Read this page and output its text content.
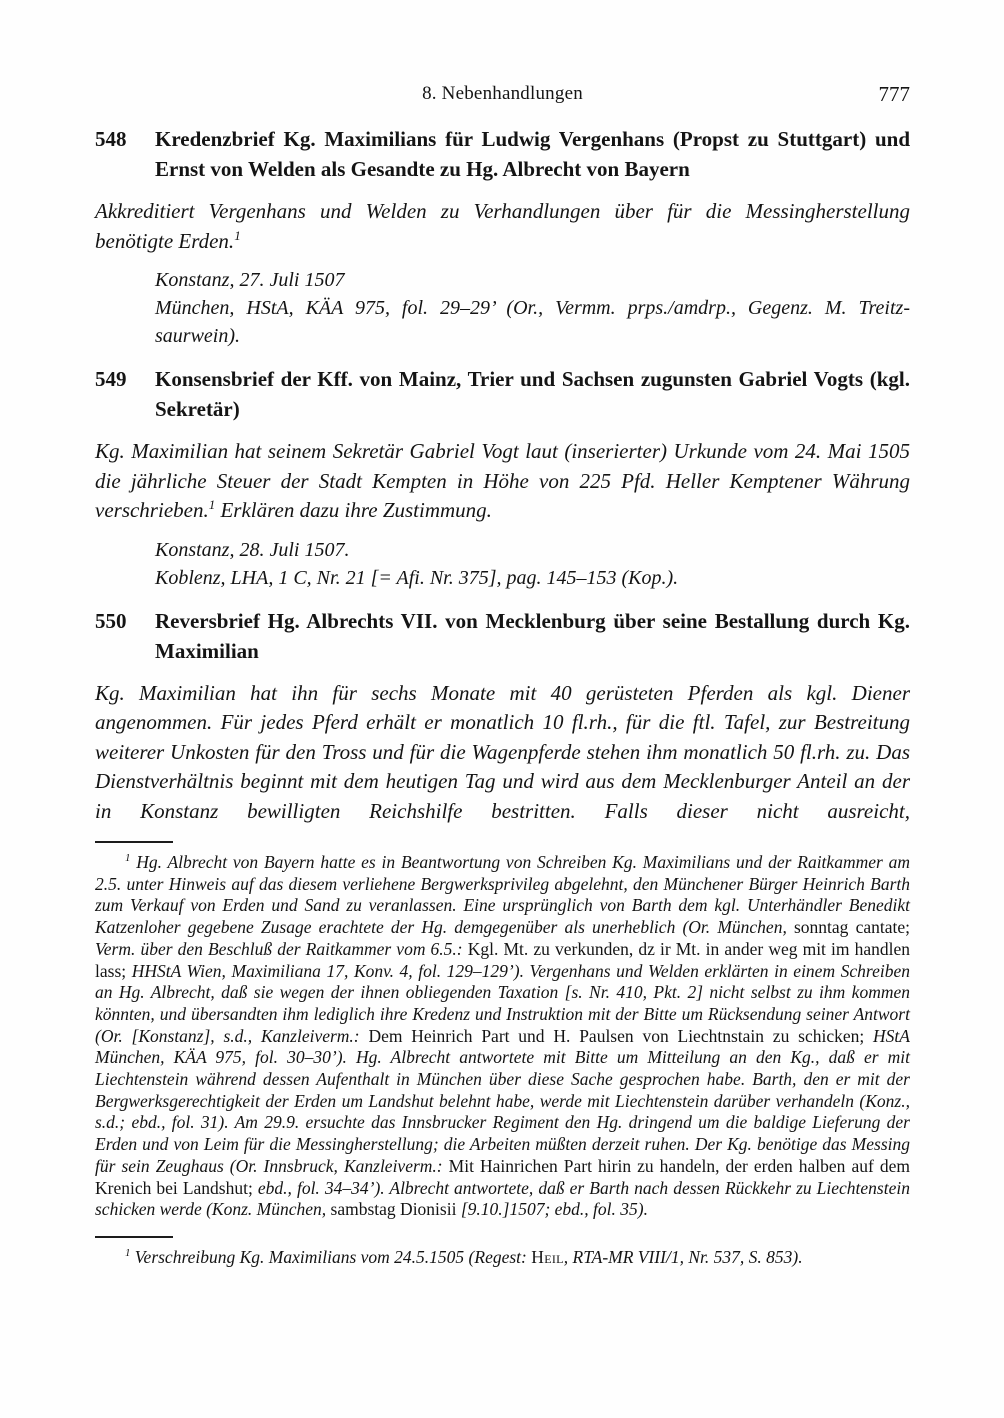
8. Nebenhandlungen	777
548	Kredenzbrief Kg. Maximilians für Ludwig Vergenhans (Propst zu Stuttgart) und Ernst von Welden als Gesandte zu Hg. Albrecht von Bayern

Akkreditiert Vergenhans und Welden zu Verhandlungen über für die Messingherstellung benötigte Erden.$^1$

Konstanz, 27. Juli 1507
München, HStA, KÄA 975, fol. 29–29’ (Or., Vermm. prps./amdrp., Gegenz. M. Treitz-saurwein).
549	Konsensbrief der Kff. von Mainz, Trier und Sachsen zugunsten Gabriel Vogts (kgl. Sekretär)

Kg. Maximilian hat seinem Sekretär Gabriel Vogt laut (inserierter) Urkunde vom 24. Mai 1505 die jährliche Steuer der Stadt Kempten in Höhe von 225 Pfd. Heller Kemptener Währung verschrieben.$^1$ Erklären dazu ihre Zustimmung.

Konstanz, 28. Juli 1507.
Koblenz, LHA, 1 C, Nr. 21 [= Afi. Nr. 375], pag. 145–153 (Kop.).
550	Reversbrief Hg. Albrechts VII. von Mecklenburg über seine Bestallung durch Kg. Maximilian

Kg. Maximilian hat ihn für sechs Monate mit 40 gerüsteten Pferden als kgl. Diener angenommen. Für jedes Pferd erhält er monatlich 10 fl.rh., für die ftl. Tafel, zur Bestreitung weiterer Unkosten für den Tross und für die Wagenpferde stehen ihm monatlich 50 fl.rh. zu. Das Dienstverhältnis beginnt mit dem heutigen Tag und wird aus dem Mecklenburger Anteil an der in Konstanz bewilligten Reichshilfe bestritten. Falls dieser nicht ausreicht,

$^1$ Hg. Albrecht von Bayern hatte es in Beantwortung von Schreiben Kg. Maximilians und der Raitkammer am 2.5. unter Hinweis auf das diesem verliehene Bergwerksprivileg abgelehnt, den Münchener Bürger Heinrich Barth zum Verkauf von Erden und Sand zu veranlassen. Eine ursprünglich von Barth dem kgl. Unterhändler Benedikt Katzenloher gegebene Zusage erachtete der Hg. demgegenüber als unerheblich (Or. München, sonntag cantate; Verm. über den Beschluß der Raitkammer vom 6.5.: Kgl. Mt. zu verkunden, dz ir Mt. in ander weg mit im handlen lass; HHStA Wien, Maximiliana 17, Konv. 4, fol. 129–129’). Vergenhans und Welden erklärten in einem Schreiben an Hg. Albrecht, daß sie wegen der ihnen obliegenden Taxation [s. Nr. 410, Pkt. 2] nicht selbst zu ihm kommen könnten, und übersandten ihm lediglich ihre Kredenz und Instruktion mit der Bitte um Rücksendung seiner Antwort (Or. [Konstanz], s.d., Kanzleiverm.: Dem Heinrich Part und H. Paulsen von Liechtnstain zu schicken; HStA München, KÄA 975, fol. 30–30’). Hg. Albrecht antwortete mit Bitte um Mitteilung an den Kg., daß er mit Liechtenstein während dessen Aufenthalt in München über diese Sache gesprochen habe. Barth, den er mit der Bergwerksgerechtigkeit der Erden um Landshut belehnt habe, werde mit Liechtenstein darüber verhandeln (Konz., s.d.; ebd., fol. 31). Am 29.9. ersuchte das Innsbrucker Regiment den Hg. dringend um die baldige Lieferung der Erden und von Leim für die Messingherstellung; die Arbeiten müßten derzeit ruhen. Der Kg. benötige das Messing für sein Zeughaus (Or. Innsbruck, Kanzleiverm.: Mit Hainrichen Part hirin zu handeln, der erden halben auf dem Krenich bei Landshut; ebd., fol. 34–34’). Albrecht antwortete, daß er Barth nach dessen Rückkehr zu Liechtenstein schicken werde (Konz. München, sambstag Dionisii [9.10.]1507; ebd., fol. 35).

$^1$ Verschreibung Kg. Maximilians vom 24.5.1505 (Regest: Heil, RTA-MR VIII/1, Nr. 537, S. 853).
